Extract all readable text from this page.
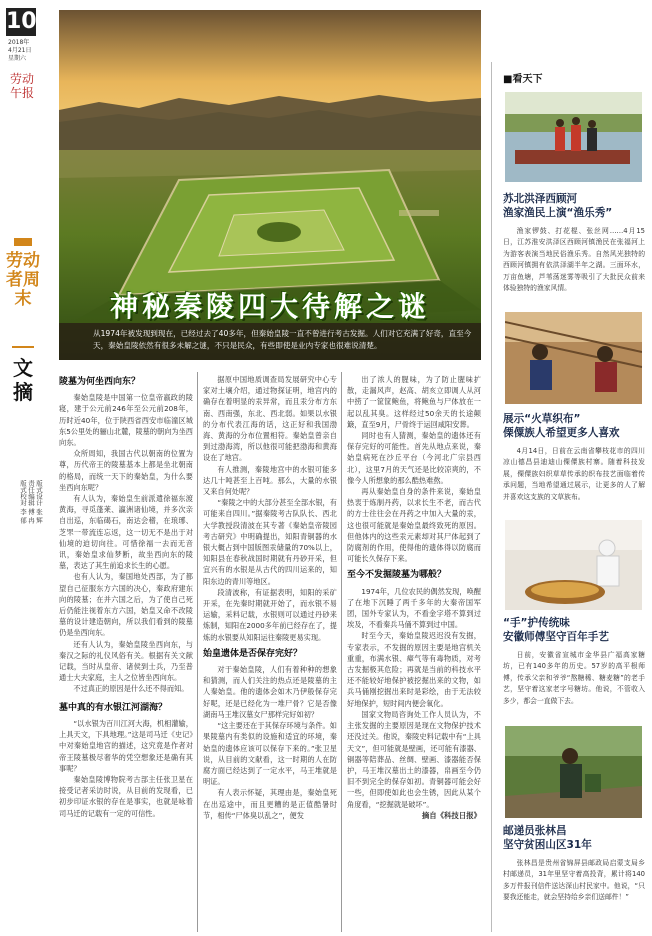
10
2018年
4月21日
星期六
劳动午报
劳动者周末
文摘
版式校对 李 郁 责任编辑 傅 冉 版式设计 张 辉
神秘秦陵四大待解之谜
从1974年被发现到现在，已经过去了40多年，但秦始皇陵一直不曾进行考古发掘。人们对它充满了好奇，直至今天，秦始皇陵依然有很多未解之谜，不只是民众，有些即使是业内专家也很难说清楚。
陵墓为何坐西向东？

秦始皇陵是中国第一位皇帝嬴政的陵寝，建于公元前246年至公元前208年，历时近40年，位于陕西省西安市临潼区城东5公里处的骊山北麓，陵墓的朝向为坐西向东。

众所周知，我国古代以朝南的位置为尊，历代帝王的陵墓基本上都是坐北朝南的格局，而统一天下的秦始皇，为什么要坐西向东呢？

有人认为，秦始皇生前派遣徐福东渡黄海，寻觅蓬莱、瀛洲诸仙境，并多次亲自出巡，东临碣石，南达会稽，在琅琊、芝罘一带流连忘返，这一切无不是出于对仙境的迫切向往。可惜徐福一去而无音讯，秦始皇求仙梦断，故坐西向东的陵墓，表达了其生前追求长生的心愿。

也有人认为，秦国地处西部，为了都望自己征服东方六国的决心，秦政府建东向的陵墓；在并六国之后，为了使自己死后仍能注视着东方六国，始皇又命不改陵墓的设计建造朝向，所以我们看到的陵墓仍是坐西向东。

还有人认为，秦始皇陵坐西向东，与秦汉之际的礼仪风俗有关。根据有关文献记载，当时从皇帝、诸侯到士兵，乃至普通士大夫家庭，主人之位皆坐西向东。

不过真正的原因是什么还不得而知。

墓中真的有水银江河湖海？

“以水银为百川江河大海，机相灌输，上具天文，下具地理。”这是司马迁《史记》中对秦始皇地宫的描述，这究竟是作者对帝王陵墓极尽奢华的凭空想象还是确有其事呢？

秦始皇陵博物院考古部主任张卫星在接受记者采访时说，从目前的发现看，已初步印证水银的存在是事实，也就是咏着司马迁的记载有一定的可信性。

据原中国地质调查局发展研究中心专家对土壤介绍，通过物探证明，地宫内的确存在着明显的汞异常，而且汞分布方东南、西南强，东北、西北弱。如果以水银的分布代表江海的话，这正好和我国渤海、黄海的分布位置相符。秦始皇曾亲自到过渤海湾，所以他很可能把渤海和黄海设在了地宫。

有人推测，秦陵地宫中的水银可能多达几十吨甚至上百吨。那么，大量的水银又来自何处呢？

“秦陵之中的大部分甚至全部水银，有可能来自四川。”据秦陵考古队队长、西北大学教授段清波在其专著《秦始皇帝陵园考古研究》中明确提出，知阳青铜器的水银大概占到中国版图汞储量的70%以上，知阳县在春秋战国时期就有丹砂开采，但宜兴有的水银是从古代的四川运来的，知阳东边的青川等地区。

段清波称，有证据表明，知阳的采矿开采，在先秦时期就开始了，而水银不易运输，采料记载，水银则可以通过丹砂来炼制，知阳在2000多年前已经存在了，提炼的水银要从知阳运往秦陵更易实现。

始皇遗体是否保存完好？

对于秦始皇陵，人们有着种种的想象和猜测，而人们关注的热点还是陵墓的主人秦始皇。他的遗体会如木乃伊般保存完好呢，还是已经化为一堆尸骨？它是否像湖南马王堆汉墓女尸那样完好如初？

“这主要还在于其保存环境与条件。如果陵墓内有类似的设施和适宜的环境，秦始皇的遗体应该可以保存下来的。”张卫星说，从目前的文献看，这一时期的人在防腐方面已经达到了一定水平，马王堆就是明证。

有人表示怀疑，其理由是，秦始皇死在出巡途中，而且更糟的是正值酷暑时节，相传“尸体臭以乱之”，便发

出了浓人的腥味，为了防止腥味扩散，走漏风声，赵高、胡亥立即调人从河中捞了一筐筐鲍鱼，将鲍鱼与尸体放在一起以乱其臭。这样经过50余天的长途颠簸，直至9月，尸骨终于运回咸阳安葬。

同时也有人猜测，秦始皇的遗体还有保存完好的可能性。首先从地点来说，秦始皇病死在沙丘平台（今河北广宗县西北），这里7月的天气还是比较凉爽的，不像今人所想象的那么酷热难熬。

再从秦始皇自身的条件来说，秦始皇热衷于炼制丹药，以求长生不老，而古代的方士往往会在丹药之中加入大量的汞，这也很可能就是秦始皇最终致死的原因。但他体内的这些汞元素却对其尸体起到了防腐剂的作用，使得他的遗体得以防腐而可能长久保存下来。

至今不发掘陵墓为哪般？

1974年，几位农民的偶然发现，唤醒了在地下沉睡了两千多年的大秦帝国军团，国外专家认为，不看金字塔不算到过埃及，不看秦兵马俑不算到过中国。

时至今天，秦始皇陵迟迟没有发掘，专家表示，不发掘的原因主要是地宫机关重重，布满水银、瘴气等有毒物质，对考古发掘极其危险；再就是当前的科技水平还不能较好地保护被挖掘出来的文物，如兵马俑刚挖掘出来时是彩绘，由于无法较好地保护，短时间内便会氧化。

国家文物局咨询处工作人员认为，不主张发掘的主要原因是现在文物保护技术还没过关。他说，秦陵史料记载中有“上具天文”，但可能就是壁画，还可能有漆器、铜器等陪葬品、丝绸、壁画、漆器能否保护，马王堆汉墓出土的漆器，帛画至今仍旧不到完全的保存如初。青铜器可能会好一些，但即使如此也会生锈，因此从某个角度看，“挖掘就是破坏”。

摘自《科技日报》
■看天下
苏北洪泽西顾河
渔家渔民上演“渔乐秀”

渔家锣鼓、打花棍、张丝网……4月15日，江苏淮安洪泽区西顾河镇渔民在张福河上为游客表演当地民俗渔乐秀。自然风光独特的西顾河镇拥有依洪泽湖半年之湖。三面环水，万亩鱼塘，芦苇荡迷雾等吸引了大批民众前来体验独特的渔家风情。

展示“火草织布”
傈僳族人希望更多人喜欢

4月14日，日前在云南省攀枝花市的四川凉山德昌县迪迪山傈僳族村寨。随着科技发展，傈僳族妇织草草传承的织布技艺面临着传承问题，当地希望通过展示，让更多的人了解并喜欢这支族的文草族布。

“手”护传统味
安徽师傅坚守百年手艺

日前，安徽省宣城市金华县广福高家糖坊，已有140多年的历史。57岁的高平根师傅，传承父亲和爷爷“熬糖稀、糖麦糖”的老手艺，坚守着这家老字号糖坊。他说，不管收入多少，都会一直做下去。

邮递员张林昌
坚守贫困山区31年

张林昌是贵州省锦屏县邮政局启蒙支局乡村邮递员，31年里坚守着高投背，累计将140多万件报刊信件送达深山村民家中。他说，“只要我还能走，就会坚持给乡亲们送邮件！”
